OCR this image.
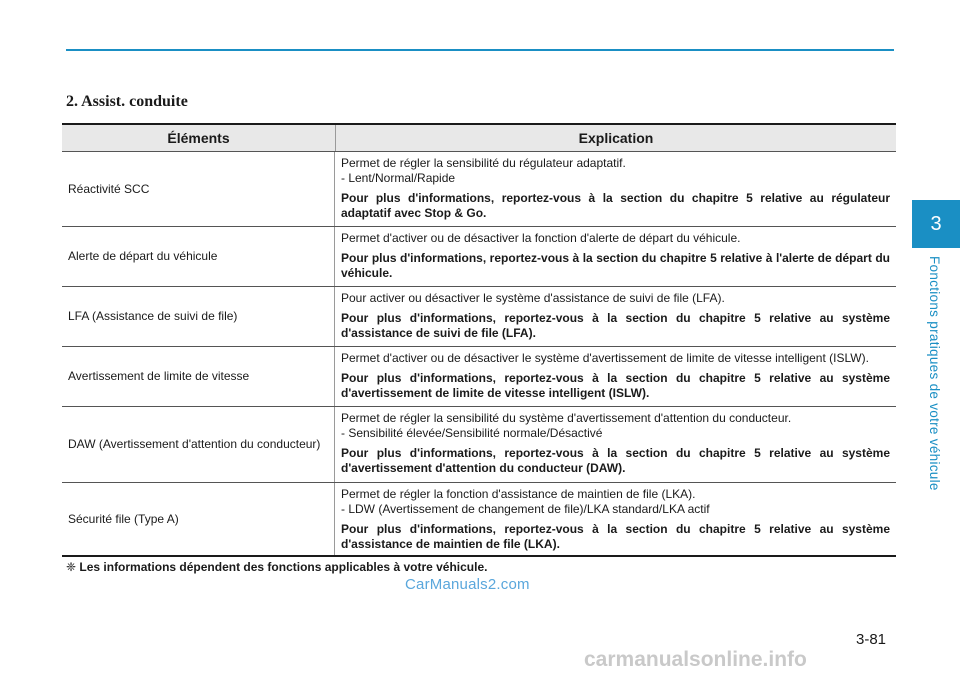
2. Assist. conduite
Éléments	Explication
Réactivité SCC

Permet de régler la sensibilité du régulateur adaptatif.

- Lent/Normal/Rapide

Pour plus d'informations, reportez-vous à la section du chapitre 5 relative au régulateur adaptatif avec Stop & Go.

Alerte de départ du véhicule

Permet d'activer ou de désactiver la fonction d'alerte de départ du véhicule.

Pour plus d'informations, reportez-vous à la section du chapitre 5 relative à l'alerte de départ du véhicule.

LFA (Assistance de suivi de file)

Pour activer ou désactiver le système d'assistance de suivi de file (LFA).

Pour plus d'informations, reportez-vous à la section du chapitre 5 relative au système d'assistance de suivi de file (LFA).

Avertissement de limite de vitesse

Permet d'activer ou de désactiver le système d'avertissement de limite de vitesse intelligent (ISLW).

Pour plus d'informations, reportez-vous à la section du chapitre 5 relative au système d'avertissement de limite de vitesse intelligent (ISLW).

DAW (Avertissement d'attention du conducteur)

Permet de régler la sensibilité du système d'avertissement d'attention du conducteur.

- Sensibilité élevée/Sensibilité normale/Désactivé

Pour plus d'informations, reportez-vous à la section du chapitre 5 relative au système d'avertissement d'attention du conducteur (DAW).

Sécurité file (Type A)

Permet de régler la fonction d'assistance de maintien de file (LKA).

- LDW (Avertissement de changement de file)/LKA standard/LKA actif

Pour plus d'informations, reportez-vous à la section du chapitre 5 relative au système d'assistance de maintien de file (LKA).

❈ Les informations dépendent des fonctions applicables à votre véhicule.
CarManuals2.com
3-81
carmanualsonline.info
3
Fonctions pratiques de votre véhicule
